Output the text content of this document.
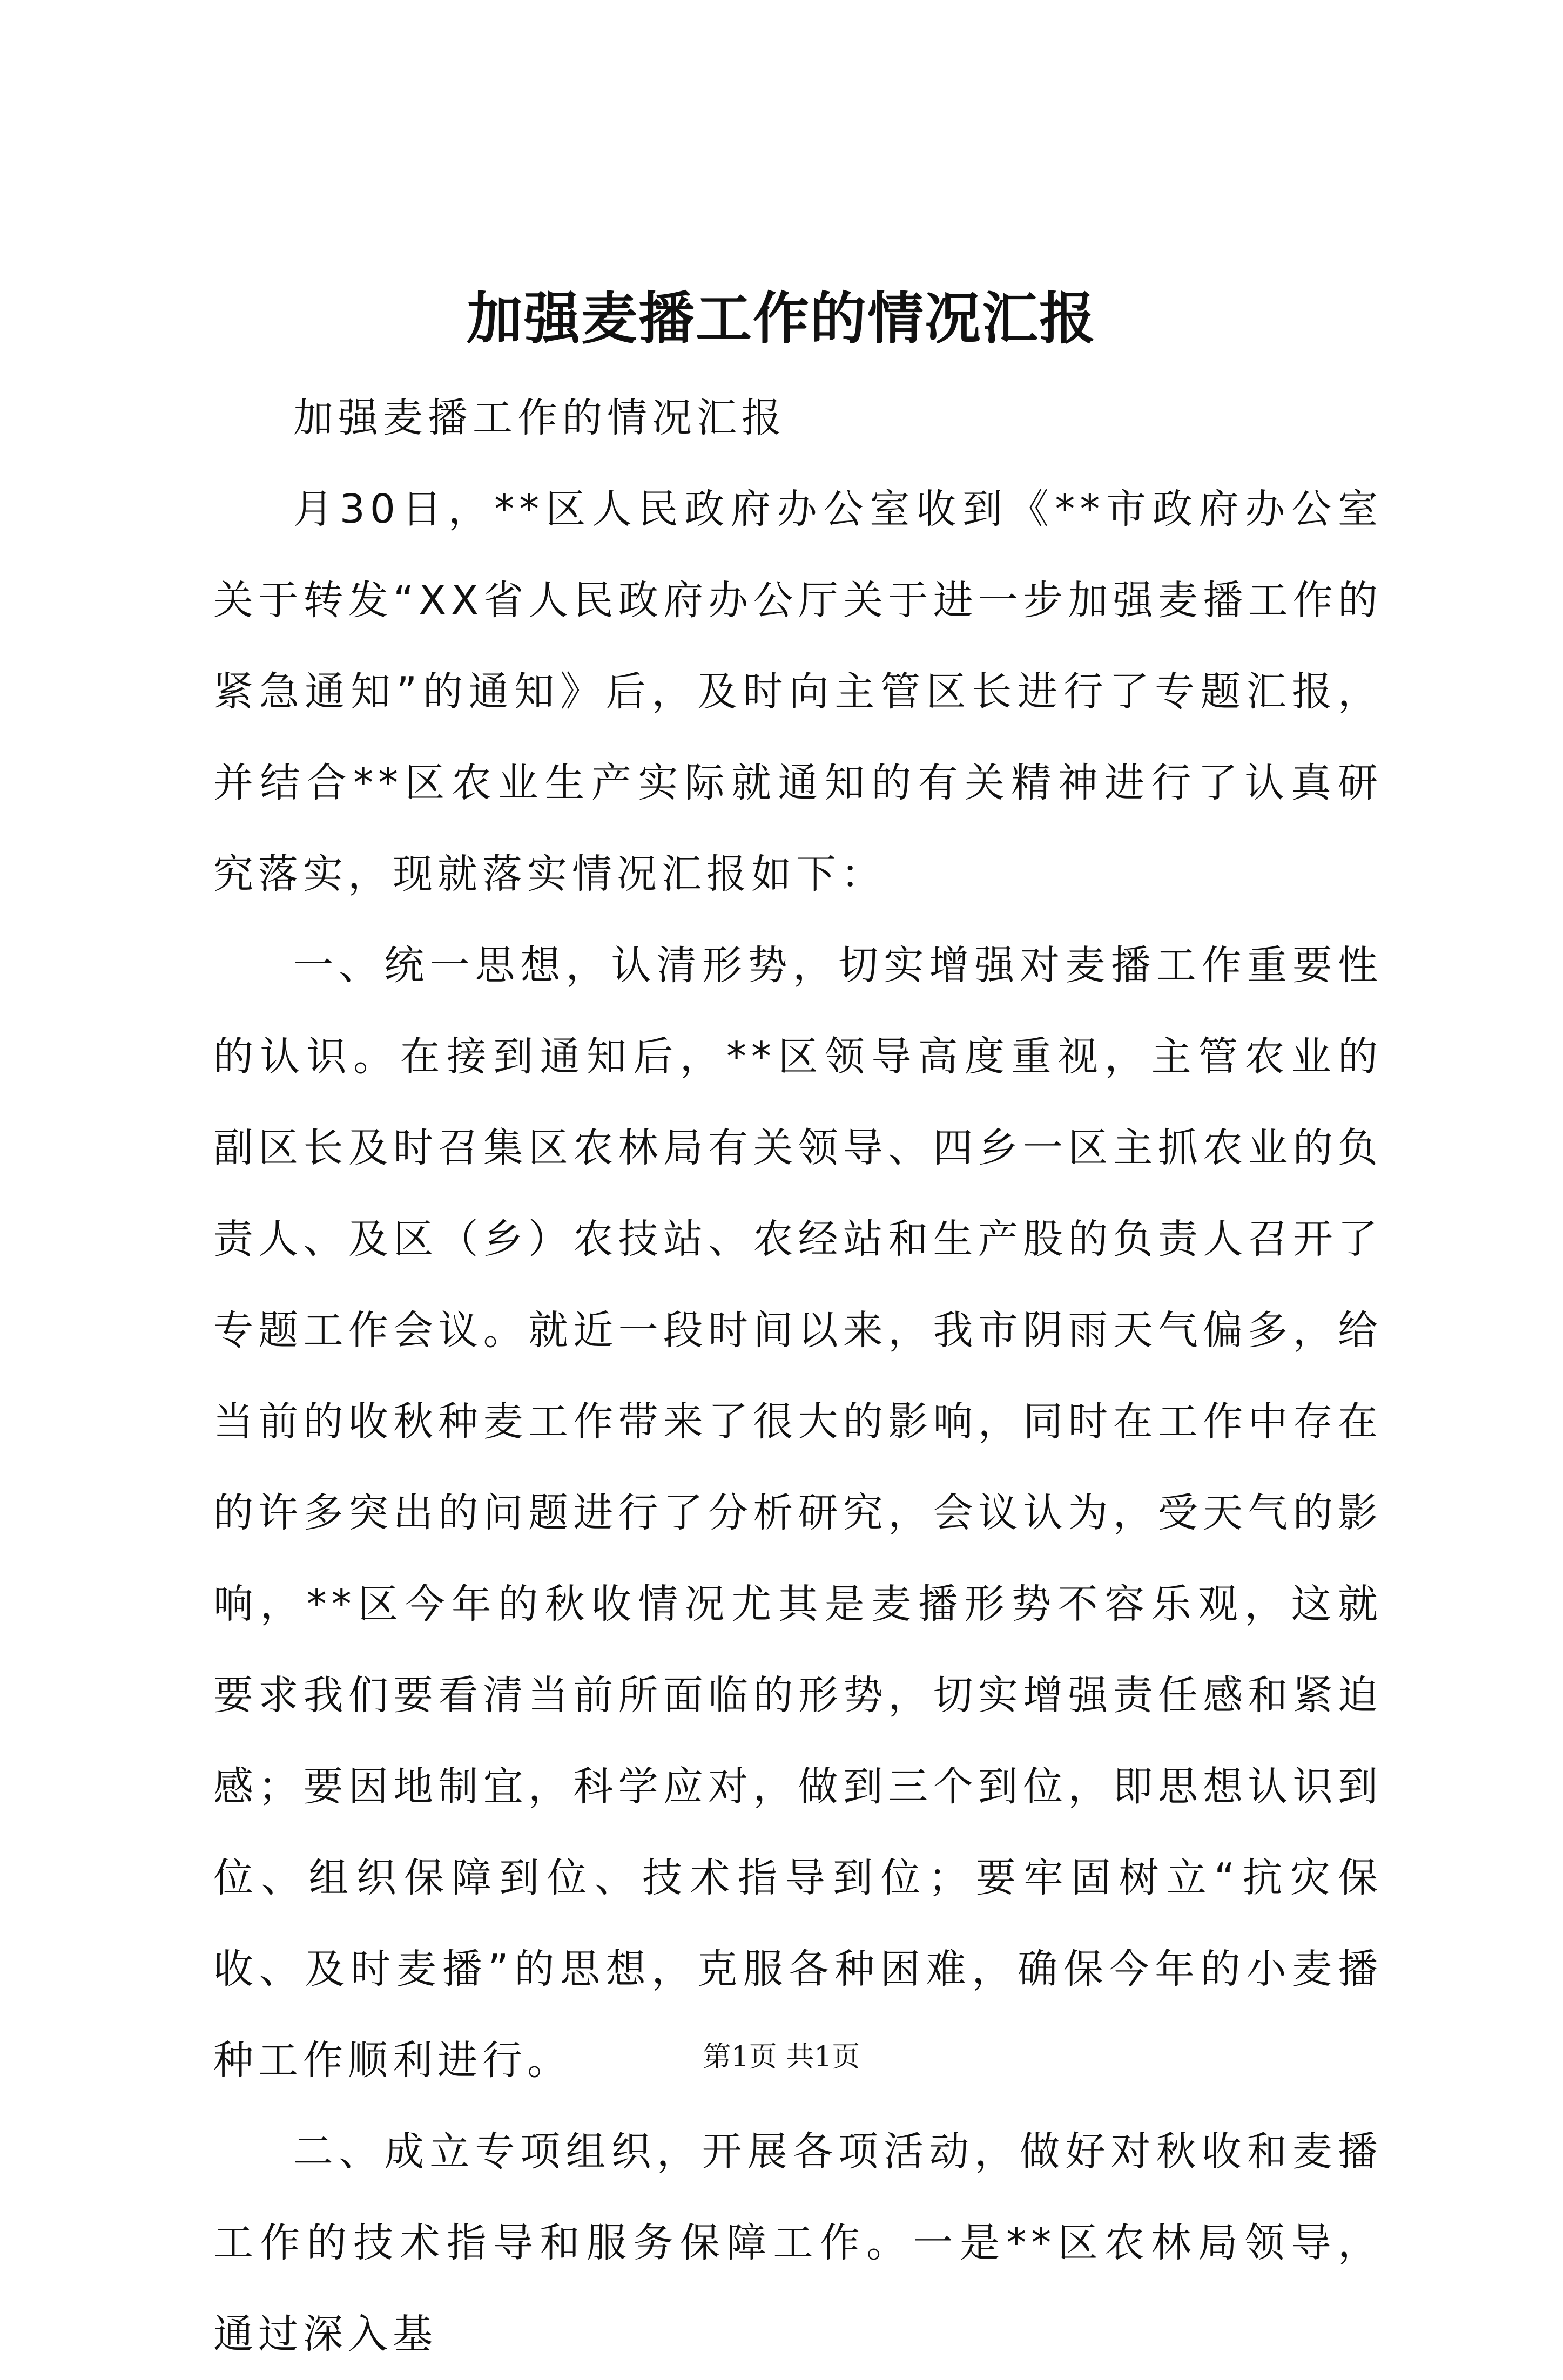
加强麦播工作的情况汇报

加强麦播工作的情况汇报

月30日，**区人民政府办公室收到《**市政府办公室关于转发“XX省人民政府办公厅关于进一步加强麦播工作的紧急通知”的通知》后，及时向主管区长进行了专题汇报，并结合**区农业生产实际就通知的有关精神进行了认真研究落实，现就落实情况汇报如下：

一、统一思想，认清形势，切实增强对麦播工作重要性的认识。在接到通知后，**区领导高度重视，主管农业的副区长及时召集区农林局有关领导、四乡一区主抓农业的负责人、及区（乡）农技站、农经站和生产股的负责人召开了专题工作会议。就近一段时间以来，我市阴雨天气偏多，给当前的收秋种麦工作带来了很大的影响，同时在工作中存在的许多突出的问题进行了分析研究，会议认为，受天气的影响，**区今年的秋收情况尤其是麦播形势不容乐观，这就要求我们要看清当前所面临的形势，切实增强责任感和紧迫感；要因地制宜，科学应对，做到三个到位，即思想认识到位、组织保障到位、技术指导到位；要牢固树立“抗灾保收、及时麦播”的思想，克服各种困难，确保今年的小麦播种工作顺利进行。

二、成立专项组织，开展各项活动，做好对秋收和麦播工作的技术指导和服务保障工作。一是**区农林局领导，通过深入基

第1页 共1页
